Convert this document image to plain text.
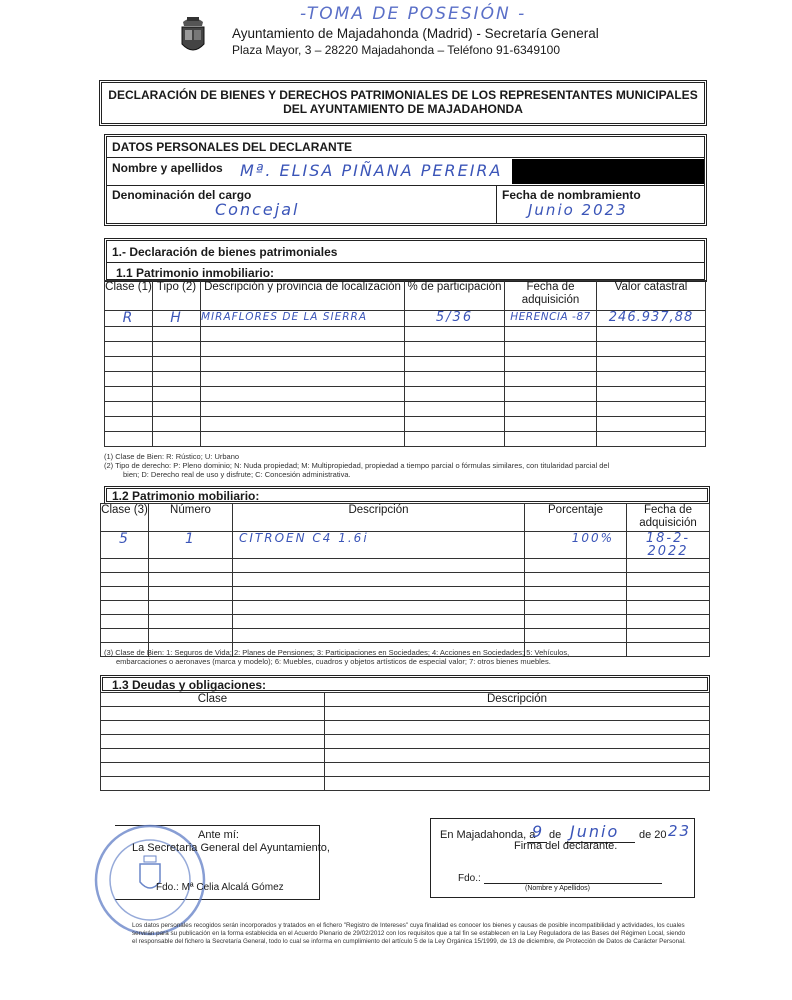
-TOMA DE POSESIÓN -
Ayuntamiento de Majadahonda (Madrid) - Secretaría General
Plaza Mayor, 3 – 28220 Majadahonda – Teléfono 91-6349100
DECLARACIÓN DE BIENES Y DERECHOS PATRIMONIALES DE LOS REPRESENTANTES MUNICIPALES
DEL AYUNTAMIENTO DE MAJADAHONDA
DATOS PERSONALES DEL DECLARANTE
Nombre y apellidos Mª. ELISA PIÑANA PEREIRA
Denominación del cargo
Concejal
Fecha de nombramiento
Junio 2023
1.- Declaración de bienes patrimoniales
1.1 Patrimonio inmobiliario:
Clase (1)	Tipo (2)	Descripción y provincia de localización	% de participación	Fecha de adquisición	Valor catastral
R	H	MIRAFLORES DE LA SIERRA	5/36	HERENCIA -87	246.937,88

(1) Clase de Bien: R: Rústico; U: Urbano
(2) Tipo de derecho: P: Pleno dominio; N: Nuda propiedad; M: Multipropiedad, propiedad a tiempo parcial o fórmulas similares, con titularidad parcial del
bien; D: Derecho real de uso y disfrute; C: Concesión administrativa.
1.2 Patrimonio mobiliario:
Clase (3)	Número	Descripción	Porcentaje	Fecha de adquisición
5	1	CITROEN C4 1.6i	100%	18-2-2022

(3) Clase de Bien: 1: Seguros de Vida; 2: Planes de Pensiones; 3: Participaciones en Sociedades; 4: Acciones en Sociedades; 5: Vehículos,
embarcaciones o aeronaves (marca y modelo); 6: Muebles, cuadros y objetos artísticos de especial valor; 7: otros bienes muebles.
1.3 Deudas y obligaciones:
Clase	Descripción

Ante mí:
La Secretaria General del Ayuntamiento,
Fdo.: Mª Celia Alcalá Gómez
En Majadahonda, a
9 de Junio de 20 23
Firma del declarante.
Fdo.:
(Nombre y Apellidos)
Los datos personales recogidos serán incorporados y tratados en el fichero "Registro de Intereses" cuya finalidad es conocer los bienes y causas de posible incompatibilidad y actividades, los cuales servirán para su publicación en la forma establecida en el Acuerdo Plenario de 29/02/2012 con los requisitos que a tal fin se establecen en la Ley Reguladora de las Bases del Régimen Local, siendo el responsable del fichero la Secretaría General, todo lo cual se informa en cumplimiento del artículo 5 de la Ley Orgánica 15/1999, de 13 de diciembre, de Protección de Datos de Carácter Personal.
